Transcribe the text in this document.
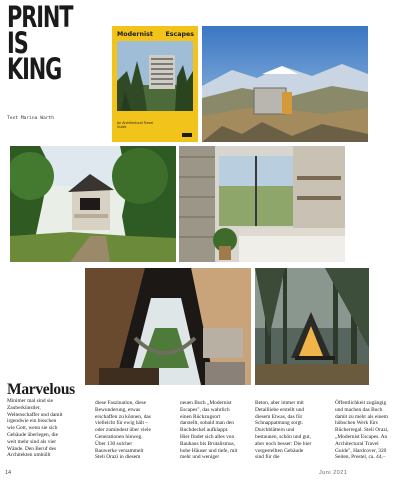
PRINT
IS
KING
Text Marina Warth
Modernist Escapes
An Architectural Travel Guide
Marvelous
Minimer mal sind sie Zauberkünstler, Weltenschaffer und damit irgendwie ein bisschen wie Gott, wenn sie sich Gebäude überlegen, die weit mehr sind als vier Wände. Den Beruf des Architekten umhüllt
diese Faszination, diese Bewunderung, etwas erschaffen zu können, das vielleicht für ewig hält – oder zumindest über viele Generationen hinweg. Über 130 solcher Bauwerke versammelt Steli Orazi in diesem
neuen Buch „Modernist Escapes", das wahrlich einen Rückzugsort darstellt, sobald man den Buchdeckel aufklappt. Hier findet sich alles von Bauhaus bis Brutalismus, hohe Häuser und tiefe, mit mehr und weniger
Beton, aber immer mit Detailliebe erstellt und diesem Etwas, das für Schnappatmung sorgt. Durchblättern und bestaunen, schön und gut, aber noch besser: Die hier vorgestellten Gebäude sind für die
Öffentlichkeit zugängig und machen das Buch damit zu mehr als einem hübschen Werk fürs Bücherregal. Steli Orazi, „Modernist Escapes. An Architectural Travel Guide", Hardcover, 320 Seiten, Prestel, ca. 44,–
14	Juni 2021
